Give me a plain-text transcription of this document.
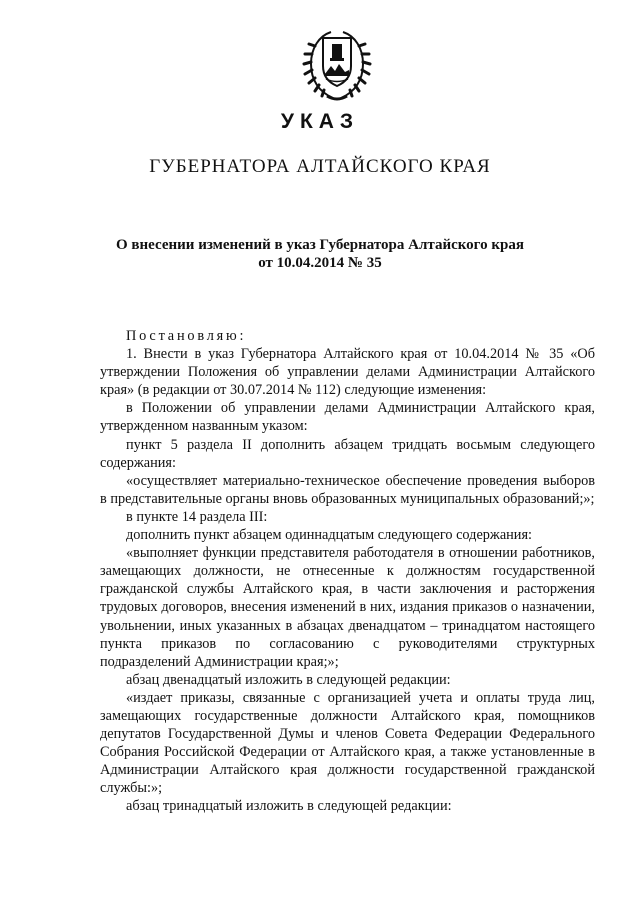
УКАЗ
ГУБЕРНАТОРА АЛТАЙСКОГО КРАЯ
О внесении изменений в указ Губернатора Алтайского края
от 10.04.2014 № 35

Постановляю:

1. Внести в указ Губернатора Алтайского края от 10.04.2014 № 35 «Об утверждении Положения об управлении делами Администрации Алтайского края» (в редакции от 30.07.2014 № 112) следующие изменения:

в Положении об управлении делами Администрации Алтайского края, утвержденном названным указом:

пункт 5 раздела II дополнить абзацем тридцать восьмым следующего содержания:

«осуществляет материально-техническое обеспечение проведения выборов в представительные органы вновь образованных муниципальных образований;»;

в пункте 14 раздела III:

дополнить пункт абзацем одиннадцатым следующего содержания:

«выполняет функции представителя работодателя в отношении работников, замещающих должности, не отнесенные к должностям государственной гражданской службы Алтайского края, в части заключения и расторжения трудовых договоров, внесения изменений в них, издания приказов о назначении, увольнении, иных указанных в абзацах двенадцатом – тринадцатом настоящего пункта приказов по согласованию с руководителями структурных подразделений Администрации края;»;

абзац двенадцатый изложить в следующей редакции:

«издает приказы, связанные с организацией учета и оплаты труда лиц, замещающих государственные должности Алтайского края, помощников депутатов Государственной Думы и членов Совета Федерации Федерального Собрания Российской Федерации от Алтайского края, а также установленные в Администрации Алтайского края должности государственной гражданской службы:»;

абзац тринадцатый изложить в следующей редакции:
